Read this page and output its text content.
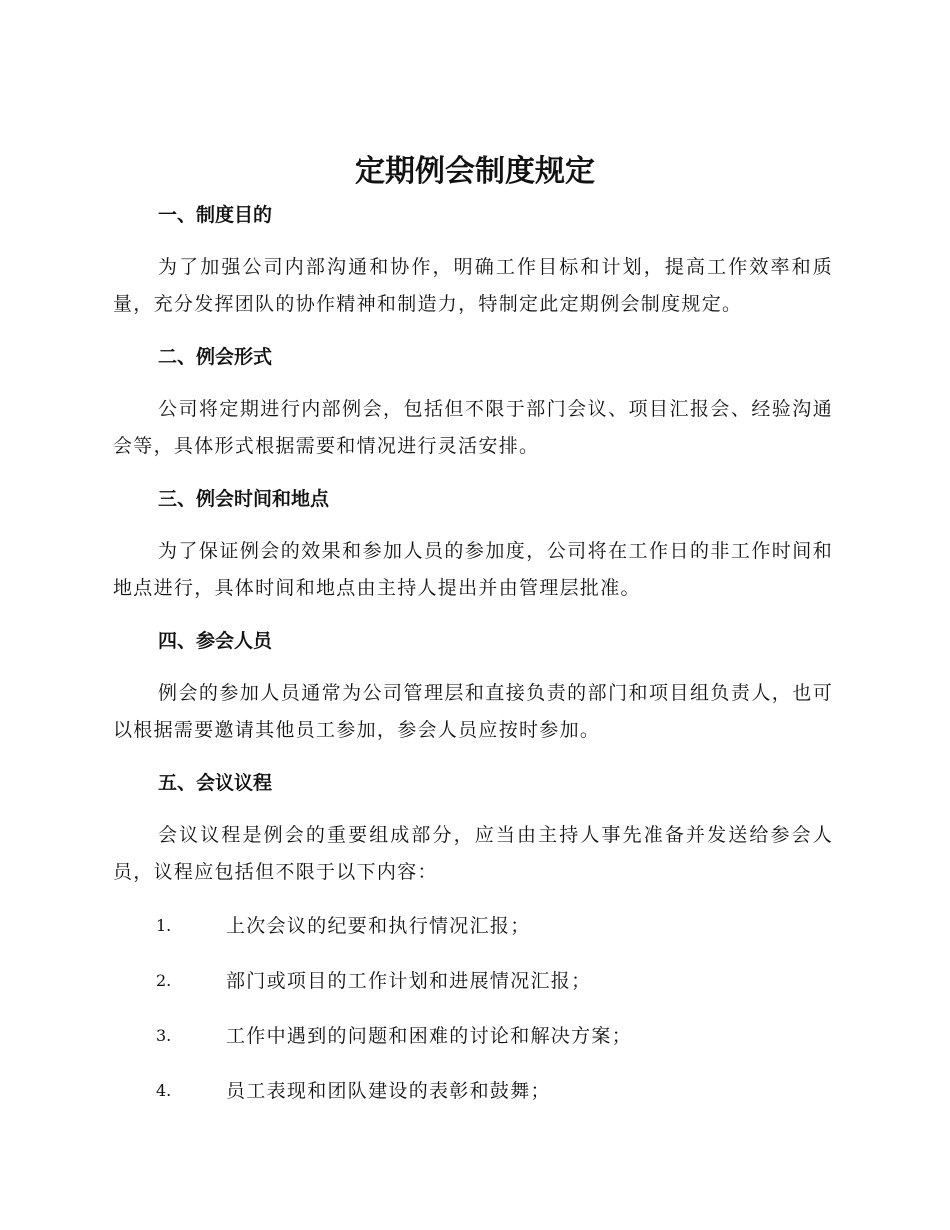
定期例会制度规定
一、制度目的

为了加强公司内部沟通和协作，明确工作目标和计划，提高工作效率和质量，充分发挥团队的协作精神和制造力，特制定此定期例会制度规定。

二、例会形式

公司将定期进行内部例会，包括但不限于部门会议、项目汇报会、经验沟通会等，具体形式根据需要和情况进行灵活安排。

三、例会时间和地点

为了保证例会的效果和参加人员的参加度，公司将在工作日的非工作时间和地点进行，具体时间和地点由主持人提出并由管理层批准。

四、参会人员

例会的参加人员通常为公司管理层和直接负责的部门和项目组负责人，也可以根据需要邀请其他员工参加，参会人员应按时参加。

五、会议议程

会议议程是例会的重要组成部分，应当由主持人事先准备并发送给参会人员，议程应包括但不限于以下内容：

1.	上次会议的纪要和执行情况汇报；
2.	部门或项目的工作计划和进展情况汇报；
3.	工作中遇到的问题和困难的讨论和解决方案；
4.	员工表现和团队建设的表彰和鼓舞；
